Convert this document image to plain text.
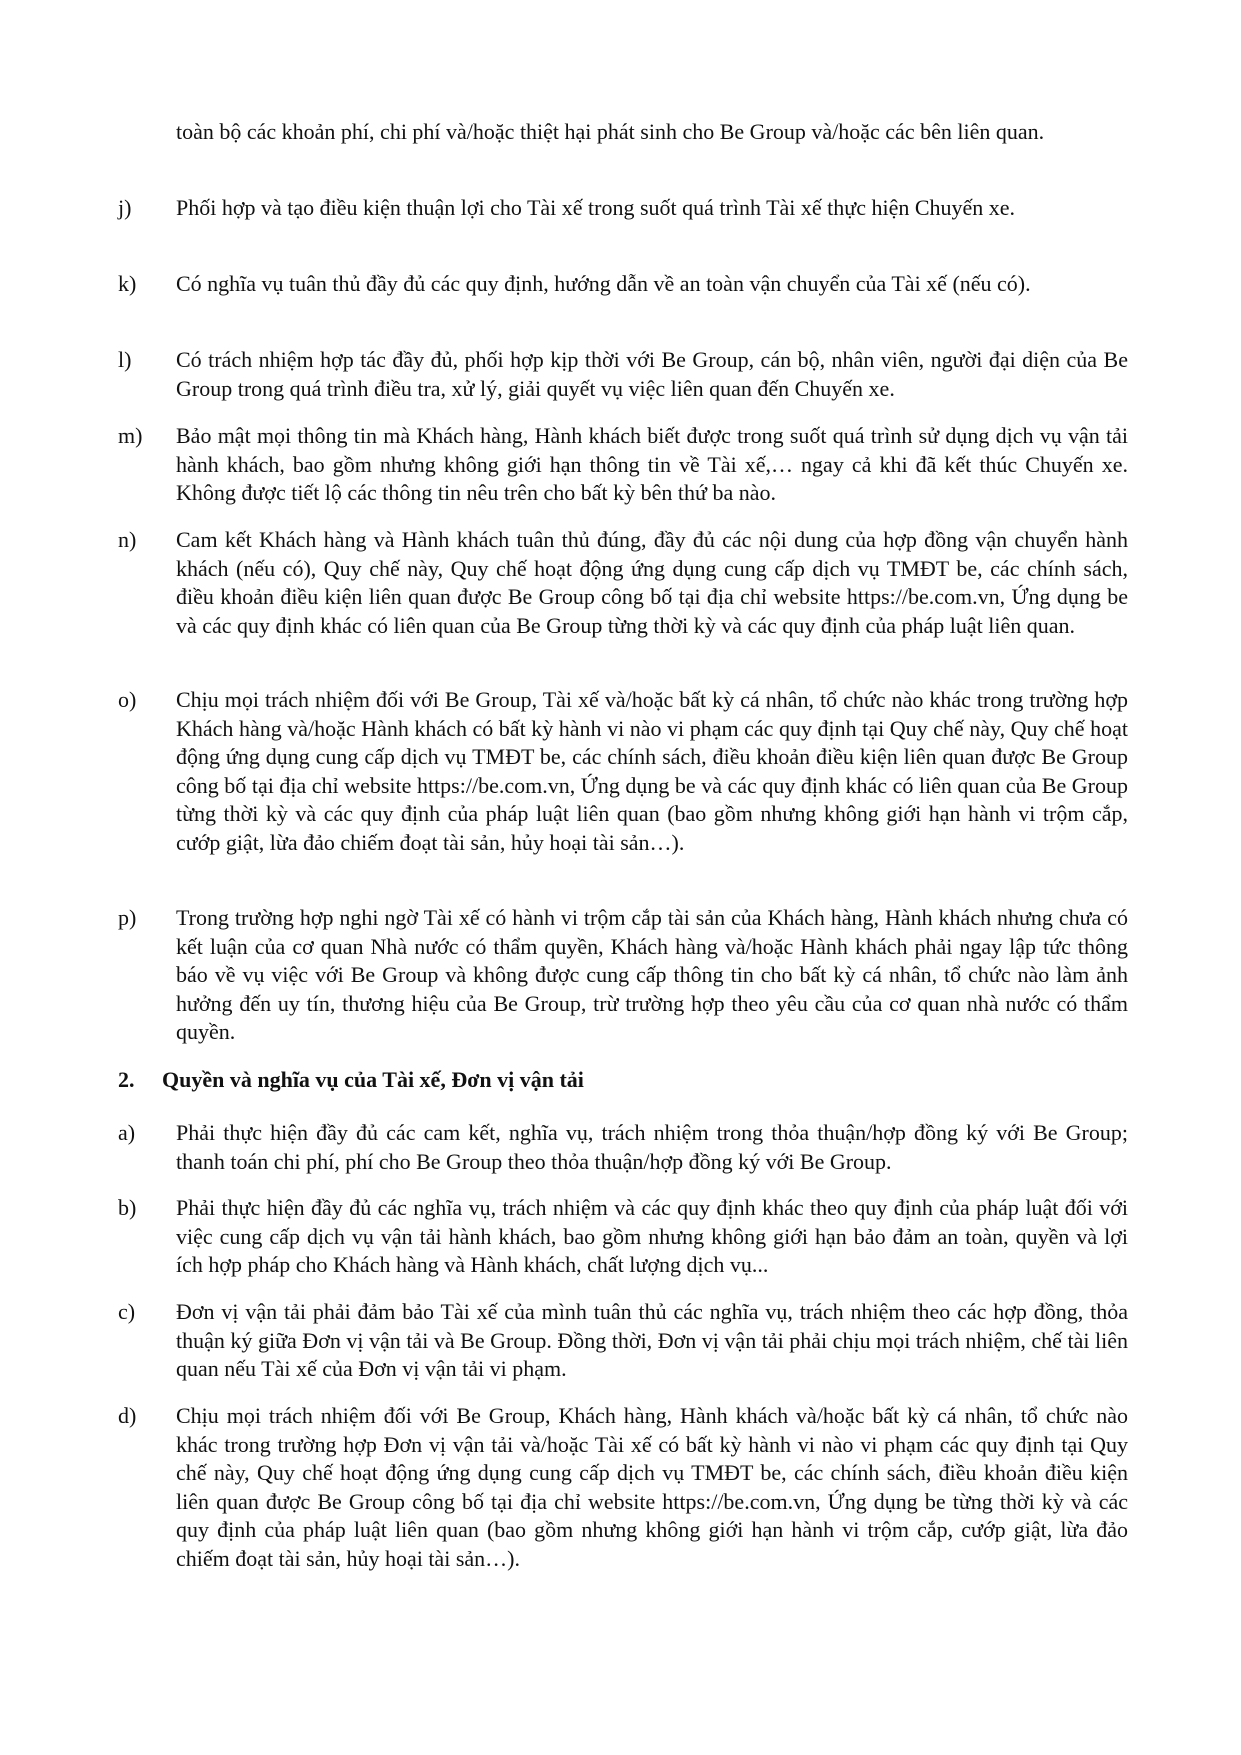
toàn bộ các khoản phí, chi phí và/hoặc thiệt hại phát sinh cho Be Group và/hoặc các bên liên quan.
j)	Phối hợp và tạo điều kiện thuận lợi cho Tài xế trong suốt quá trình Tài xế thực hiện Chuyến xe.
k)	Có nghĩa vụ tuân thủ đầy đủ các quy định, hướng dẫn về an toàn vận chuyển của Tài xế (nếu có).
l)	Có trách nhiệm hợp tác đầy đủ, phối hợp kịp thời với Be Group, cán bộ, nhân viên, người đại diện của Be Group trong quá trình điều tra, xử lý, giải quyết vụ việc liên quan đến Chuyến xe.
m)	Bảo mật mọi thông tin mà Khách hàng, Hành khách biết được trong suốt quá trình sử dụng dịch vụ vận tải hành khách, bao gồm nhưng không giới hạn thông tin về Tài xế,… ngay cả khi đã kết thúc Chuyến xe. Không được tiết lộ các thông tin nêu trên cho bất kỳ bên thứ ba nào.
n)	Cam kết Khách hàng và Hành khách tuân thủ đúng, đầy đủ các nội dung của hợp đồng vận chuyển hành khách (nếu có), Quy chế này, Quy chế hoạt động ứng dụng cung cấp dịch vụ TMĐT be, các chính sách, điều khoản điều kiện liên quan được Be Group công bố tại địa chỉ website https://be.com.vn, Ứng dụng be và các quy định khác có liên quan của Be Group từng thời kỳ và các quy định của pháp luật liên quan.
o)	Chịu mọi trách nhiệm đối với Be Group, Tài xế và/hoặc bất kỳ cá nhân, tổ chức nào khác trong trường hợp Khách hàng và/hoặc Hành khách có bất kỳ hành vi nào vi phạm các quy định tại Quy chế này, Quy chế hoạt động ứng dụng cung cấp dịch vụ TMĐT be, các chính sách, điều khoản điều kiện liên quan được Be Group công bố tại địa chỉ website https://be.com.vn, Ứng dụng be và các quy định khác có liên quan của Be Group từng thời kỳ và các quy định của pháp luật liên quan (bao gồm nhưng không giới hạn hành vi trộm cắp, cướp giật, lừa đảo chiếm đoạt tài sản, hủy hoại tài sản…).
p)	Trong trường hợp nghi ngờ Tài xế có hành vi trộm cắp tài sản của Khách hàng, Hành khách nhưng chưa có kết luận của cơ quan Nhà nước có thẩm quyền, Khách hàng và/hoặc Hành khách phải ngay lập tức thông báo về vụ việc với Be Group và không được cung cấp thông tin cho bất kỳ cá nhân, tổ chức nào làm ảnh hưởng đến uy tín, thương hiệu của Be Group, trừ trường hợp theo yêu cầu của cơ quan nhà nước có thẩm quyền.
2.	Quyền và nghĩa vụ của Tài xế, Đơn vị vận tải
a)	Phải thực hiện đầy đủ các cam kết, nghĩa vụ, trách nhiệm trong thỏa thuận/hợp đồng ký với Be Group; thanh toán chi phí, phí cho Be Group theo thỏa thuận/hợp đồng ký với Be Group.
b)	Phải thực hiện đầy đủ các nghĩa vụ, trách nhiệm và các quy định khác theo quy định của pháp luật đối với việc cung cấp dịch vụ vận tải hành khách, bao gồm nhưng không giới hạn bảo đảm an toàn, quyền và lợi ích hợp pháp cho Khách hàng và Hành khách, chất lượng dịch vụ...
c)	Đơn vị vận tải phải đảm bảo Tài xế của mình tuân thủ các nghĩa vụ, trách nhiệm theo các hợp đồng, thỏa thuận ký giữa Đơn vị vận tải và Be Group. Đồng thời, Đơn vị vận tải phải chịu mọi trách nhiệm, chế tài liên quan nếu Tài xế của Đơn vị vận tải vi phạm.
d)	Chịu mọi trách nhiệm đối với Be Group, Khách hàng, Hành khách và/hoặc bất kỳ cá nhân, tổ chức nào khác trong trường hợp Đơn vị vận tải và/hoặc Tài xế có bất kỳ hành vi nào vi phạm các quy định tại Quy chế này, Quy chế hoạt động ứng dụng cung cấp dịch vụ TMĐT be, các chính sách, điều khoản điều kiện liên quan được Be Group công bố tại địa chỉ website https://be.com.vn, Ứng dụng be từng thời kỳ và các quy định của pháp luật liên quan (bao gồm nhưng không giới hạn hành vi trộm cắp, cướp giật, lừa đảo chiếm đoạt tài sản, hủy hoại tài sản…).
